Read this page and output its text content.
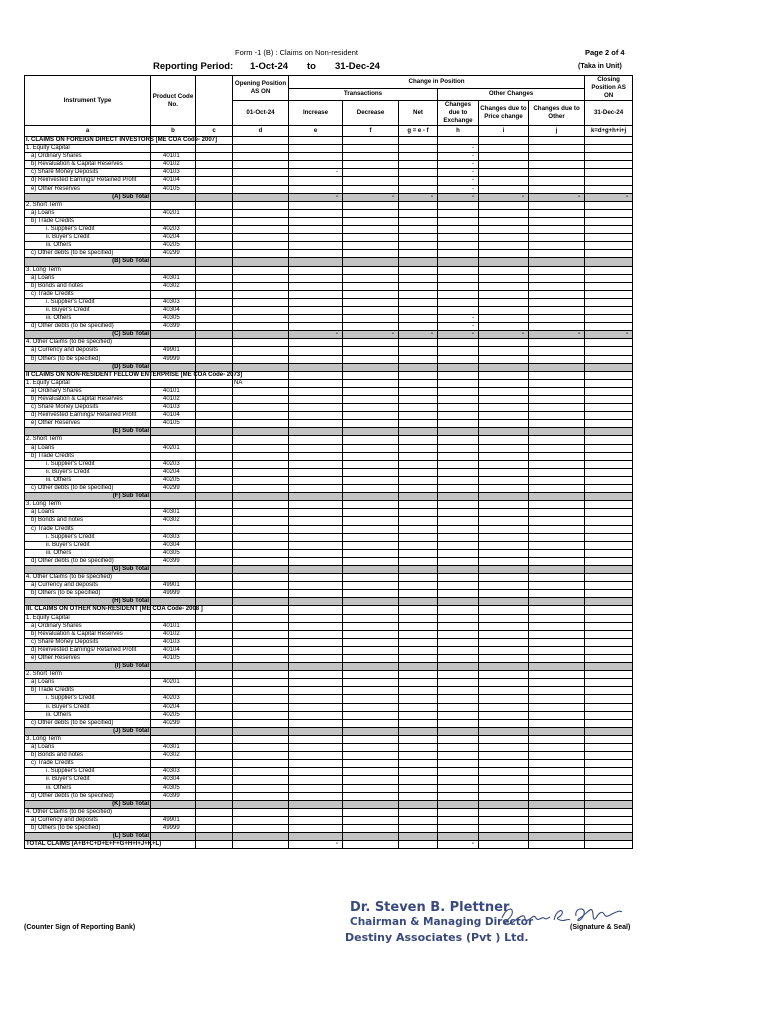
Form -1 (B) : Claims on Non-resident	Page 2 of 4
Reporting Period: 1-Oct-24 to 31-Dec-24	(Taka in Unit)
Instrument Type	Product Code No.		Opening Position AS ON	Change in Position						Closing Position AS ON	
				Transactions			Other Changes				
			01-Oct-24	Increase	Decrease	Net	Changes due to Exchange	Changes due to Price change	Changes due to Other	31-Dec-24	
a	b	c	d	e	f	g = e - f	h	i	j	k=d+g+h+i+j	
I. CLAIMS ON FOREIGN DIRECT INVESTORS [ME COA Code- 2007]											
1. Equity Capital							-				
a) Ordinary Shares	40101						-				
b) Revaluation & Capital Reserves	40102						-				
c) Share Money Deposits	40103			-			-				
d) Reinvested Earnings/ Retained Profit	40104						-				
e) Other Reserves	40105						-				
(A) Sub Total				-	-	-	-	-	-	-	
2. Short Term											
a) Loans	40201										
b) Trade Credits											
i. Supplier's Credit	40203										
ii. Buyer's Credit	40204										
iii. Others	40205										
c) Other debts (to be specified)	40299										
(B) Sub Total											
3. Long Term											
a) Loans	40301										
b) Bonds and notes	40302										
c) Trade Credits											
i. Supplier's Credit	40303										
ii. Buyer's Credit	40304										
iii. Others	40305						-				
d) Other debts (to be specified)	40399						-				
(C) Sub Total				-	-	-	-	-	-	-	
4. Other Claims (to be specified)											
a) Currency and deposits	49901										
b) Others (to be specified)	49999										
(D) Sub Total											
II CLAIMS ON NON-RESIDENT FELLOW ENTERPRISE [ME COA Code- 2073]											
1. Equity Capital			NA								
a) Ordinary Shares	40101										
b) Revaluation & Capital Reserves	40102										
c) Share Money Deposits	40103										
d) Reinvested Earnings/ Retained Profit	40104										
e) Other Reserves	40105										
(E) Sub Total											
2. Short Term											
a) Loans	40201										
b) Trade Credits											
i. Supplier's Credit	40203										
ii. Buyer's Credit	40204										
iii. Others	40205										
c) Other debts (to be specified)	40299										
(F) Sub Total											
3. Long Term											
a) Loans	40301										
b) Bonds and notes	40302										
c) Trade Credits											
i. Supplier's Credit	40303										
ii. Buyer's Credit	40304										
iii. Others	40305										
d) Other debts (to be specified)	40399										
(G) Sub Total											
4. Other Claims (to be specified)											
a) Currency and deposits	49901										
b) Others (to be specified)	49999										
(H) Sub Total											
III. CLAIMS ON OTHER NON-RESIDENT [ME COA Code- 2008 ]											
1. Equity Capital											
a) Ordinary Shares	40101										
b) Revaluation & Capital Reserves	40102										
c) Share Money Deposits	40103										
d) Reinvested Earnings/ Retained Profit	40104										
e) Other Reserves	40105										
(I) Sub Total											
2. Short Term											
a) Loans	40201										
b) Trade Credits											
i. Supplier's Credit	40203										
ii. Buyer's Credit	40204										
iii. Others	40205										
c) Other debts (to be specified)	40299										
(J) Sub Total											
3. Long Term											
a) Loans	40301										
b) Bonds and notes	40302										
c) Trade Credits											
i. Supplier's Credit	40303										
ii. Buyer's Credit	40304										
iii. Others	40305										
d) Other debts (to be specified)	40399										
(K) Sub Total											
4. Other Claims (to be specified)											
a) Currency and deposits	49901										
b) Others (to be specified)	49999										
(L) Sub Total											
TOTAL CLAIMS (A+B+C+D+E+F+G+H+I+J+K+L)				-			-				
Dr. Steven B. Plettner
Chairman & Managing Director
Destiny Associates (Pvt ) Ltd.
(Counter Sign of Reporting Bank)	(Signature & Seal)
